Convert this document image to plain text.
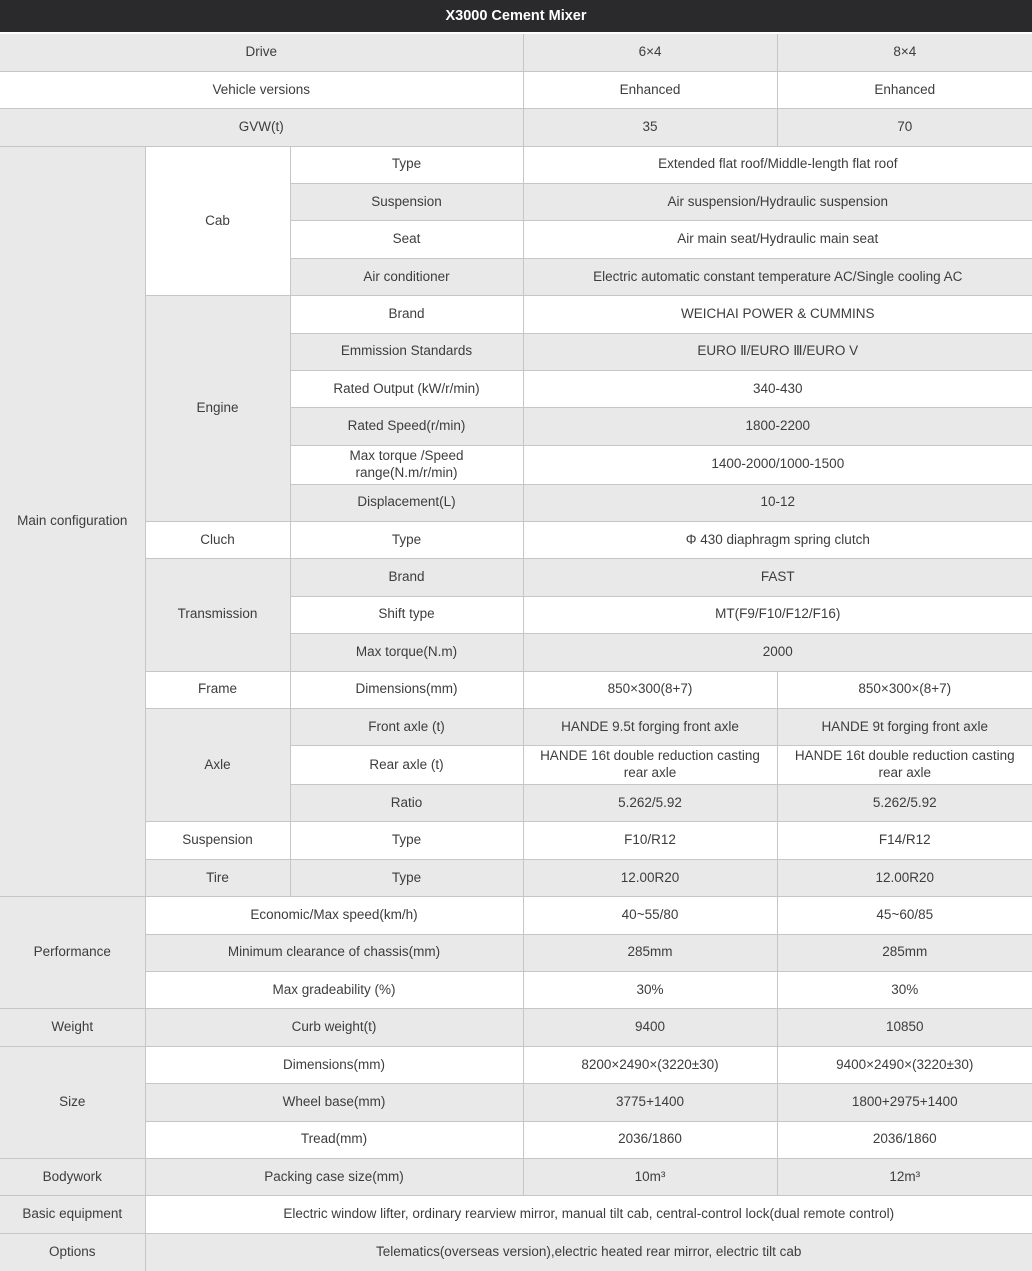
X3000 Cement Mixer
Drive			6×4	8×4
Vehicle versions			Enhanced	Enhanced
GVW(t)			35	70
Main configuration	Cab	Type	Extended flat roof/Middle-length flat roof	
		Suspension	Air suspension/Hydraulic suspension	
		Seat	Air main seat/Hydraulic main seat	
		Air conditioner	Electric automatic constant temperature AC/Single cooling AC	
	Engine	Brand	WEICHAI POWER & CUMMINS	
		Emmission Standards	EURO Ⅱ/EURO Ⅲ/EURO V	
		Rated Output (kW/r/min)	340-430	
		Rated Speed(r/min)	1800-2200	
		Max torque /Speed range(N.m/r/min)	1400-2000/1000-1500	
		Displacement(L)	10-12	
	Cluch	Type	Φ 430 diaphragm spring clutch	
	Transmission	Brand	FAST	
		Shift type	MT(F9/F10/F12/F16)	
		Max torque(N.m)	2000	
	Frame	Dimensions(mm)	850×300(8+7)	850×300×(8+7)
	Axle	Front axle (t)	HANDE 9.5t forging front axle	HANDE 9t forging front axle
		Rear axle (t)	HANDE 16t double reduction casting rear axle	HANDE 16t double reduction casting rear axle
		Ratio	5.262/5.92	5.262/5.92
	Suspension	Type	F10/R12	F14/R12
	Tire	Type	12.00R20	12.00R20
Performance	Economic/Max speed(km/h)		40~55/80	45~60/85
	Minimum clearance of chassis(mm)		285mm	285mm
	Max gradeability (%)		30%	30%
Weight	Curb weight(t)		9400	10850
Size	Dimensions(mm)		8200×2490×(3220±30)	9400×2490×(3220±30)
	Wheel base(mm)		3775+1400	1800+2975+1400
	Tread(mm)		2036/1860	2036/1860
Bodywork	Packing case size(mm)		10m³	12m³
Basic equipment	Electric window lifter, ordinary rearview mirror, manual tilt cab, central-control lock(dual remote control)			
Options	Telematics(overseas version),electric heated rear mirror, electric tilt cab			
